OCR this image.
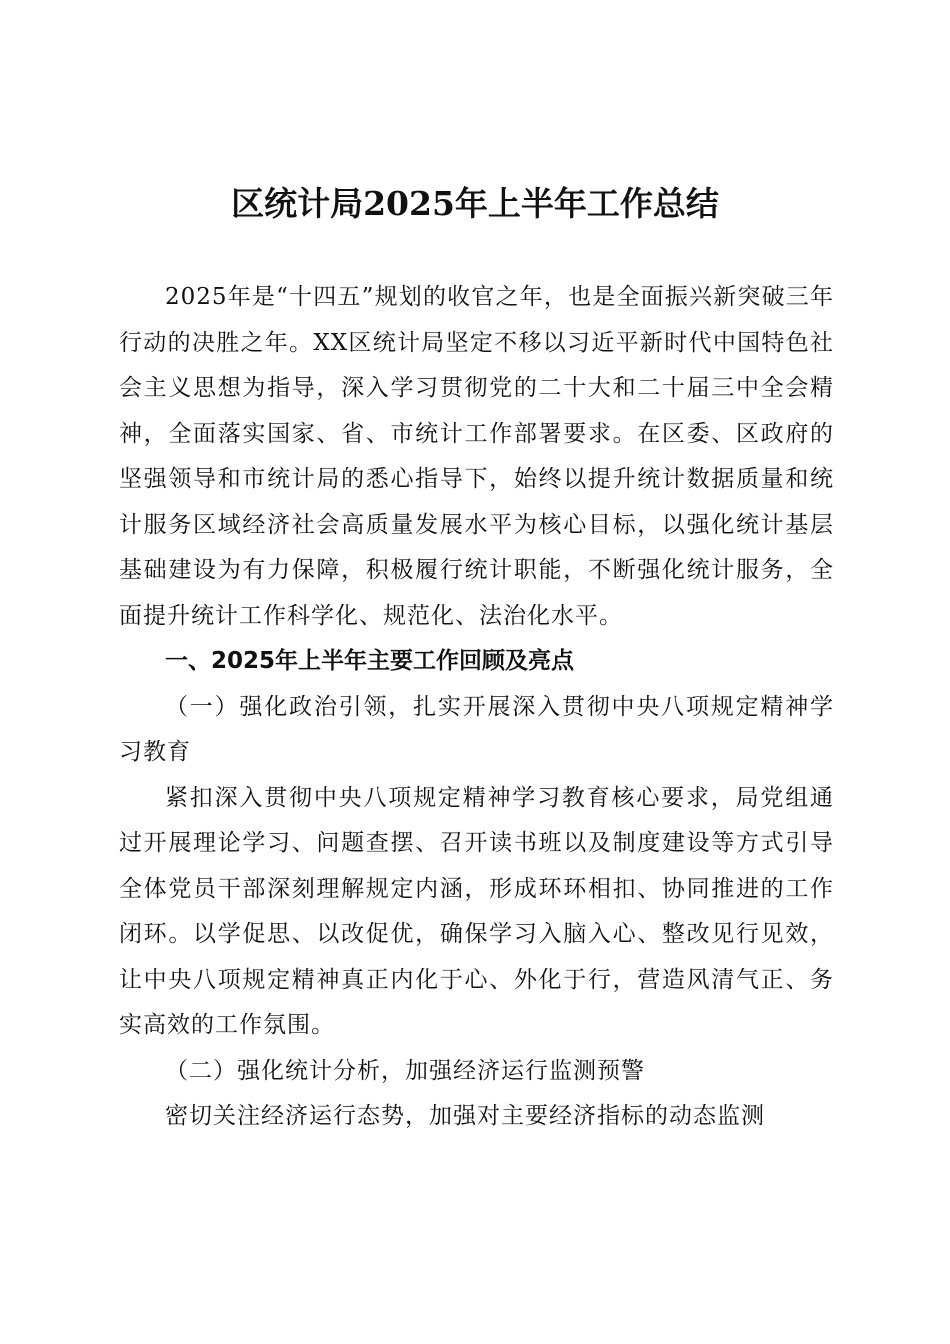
区统计局2025年上半年工作总结

2025年是“十四五”规划的收官之年，也是全面振兴新突破三年行动的决胜之年。XX区统计局坚定不移以习近平新时代中国特色社会主义思想为指导，深入学习贯彻党的二十大和二十届三中全会精神，全面落实国家、省、市统计工作部署要求。在区委、区政府的坚强领导和市统计局的悉心指导下，始终以提升统计数据质量和统计服务区域经济社会高质量发展水平为核心目标，以强化统计基层基础建设为有力保障，积极履行统计职能，不断强化统计服务，全面提升统计工作科学化、规范化、法治化水平。

一、2025年上半年主要工作回顾及亮点

（一）强化政治引领，扎实开展深入贯彻中央八项规定精神学习教育

紧扣深入贯彻中央八项规定精神学习教育核心要求，局党组通过开展理论学习、问题查摆、召开读书班以及制度建设等方式引导全体党员干部深刻理解规定内涵，形成环环相扣、协同推进的工作闭环。以学促思、以改促优，确保学习入脑入心、整改见行见效，让中央八项规定精神真正内化于心、外化于行，营造风清气正、务实高效的工作氛围。

（二）强化统计分析，加强经济运行监测预警

密切关注经济运行态势，加强对主要经济指标的动态监测
